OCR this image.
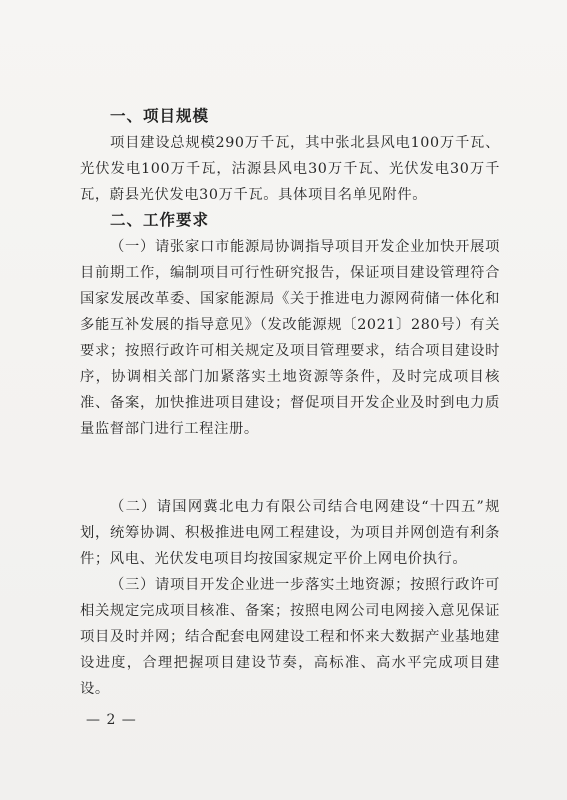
一、项目规模

项目建设总规模290万千瓦，其中张北县风电100万千瓦、光伏发电100万千瓦，沽源县风电30万千瓦、光伏发电30万千瓦，蔚县光伏发电30万千瓦。具体项目名单见附件。

二、工作要求

（一）请张家口市能源局协调指导项目开发企业加快开展项目前期工作，编制项目可行性研究报告，保证项目建设管理符合国家发展改革委、国家能源局《关于推进电力源网荷储一体化和多能互补发展的指导意见》（发改能源规〔2021〕280号）有关要求；按照行政许可相关规定及项目管理要求，结合项目建设时序，协调相关部门加紧落实土地资源等条件，及时完成项目核准、备案，加快推进项目建设；督促项目开发企业及时到电力质量监督部门进行工程注册。

（二）请国网冀北电力有限公司结合电网建设“十四五”规划，统筹协调、积极推进电网工程建设，为项目并网创造有利条件；风电、光伏发电项目均按国家规定平价上网电价执行。

（三）请项目开发企业进一步落实土地资源；按照行政许可相关规定完成项目核准、备案；按照电网公司电网接入意见保证项目及时并网；结合配套电网建设工程和怀来大数据产业基地建设进度，合理把握项目建设节奏，高标准、高水平完成项目建设。

— 2 —
